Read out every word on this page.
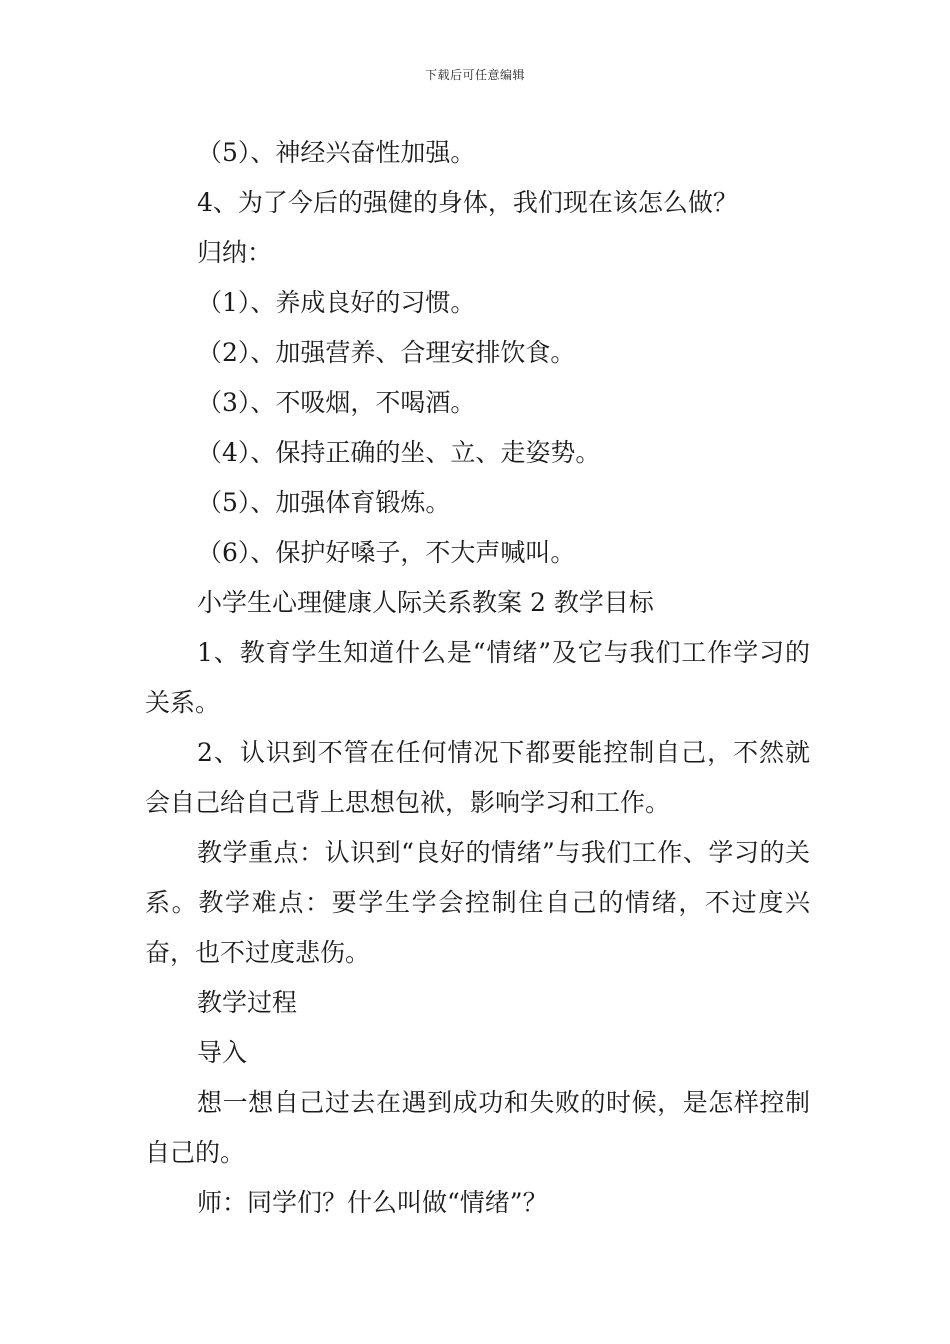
下载后可任意编辑

（5）、神经兴奋性加强。

4、为了今后的强健的身体，我们现在该怎么做？

归纳：

（1）、养成良好的习惯。

（2）、加强营养、合理安排饮食。

（3）、不吸烟，不喝酒。

（4）、保持正确的坐、立、走姿势。

（5）、加强体育锻炼。

（6）、保护好嗓子，不大声喊叫。

小学生心理健康人际关系教案 2 教学目标

1、教育学生知道什么是“情绪”及它与我们工作学习的关系。

2、认识到不管在任何情况下都要能控制自己，不然就会自己给自己背上思想包袱，影响学习和工作。

教学重点：认识到“良好的情绪”与我们工作、学习的关系。教学难点：要学生学会控制住自己的情绪，不过度兴奋，也不过度悲伤。

教学过程

导入

想一想自己过去在遇到成功和失败的时候，是怎样控制自己的。

师：同学们？什么叫做“情绪”？
